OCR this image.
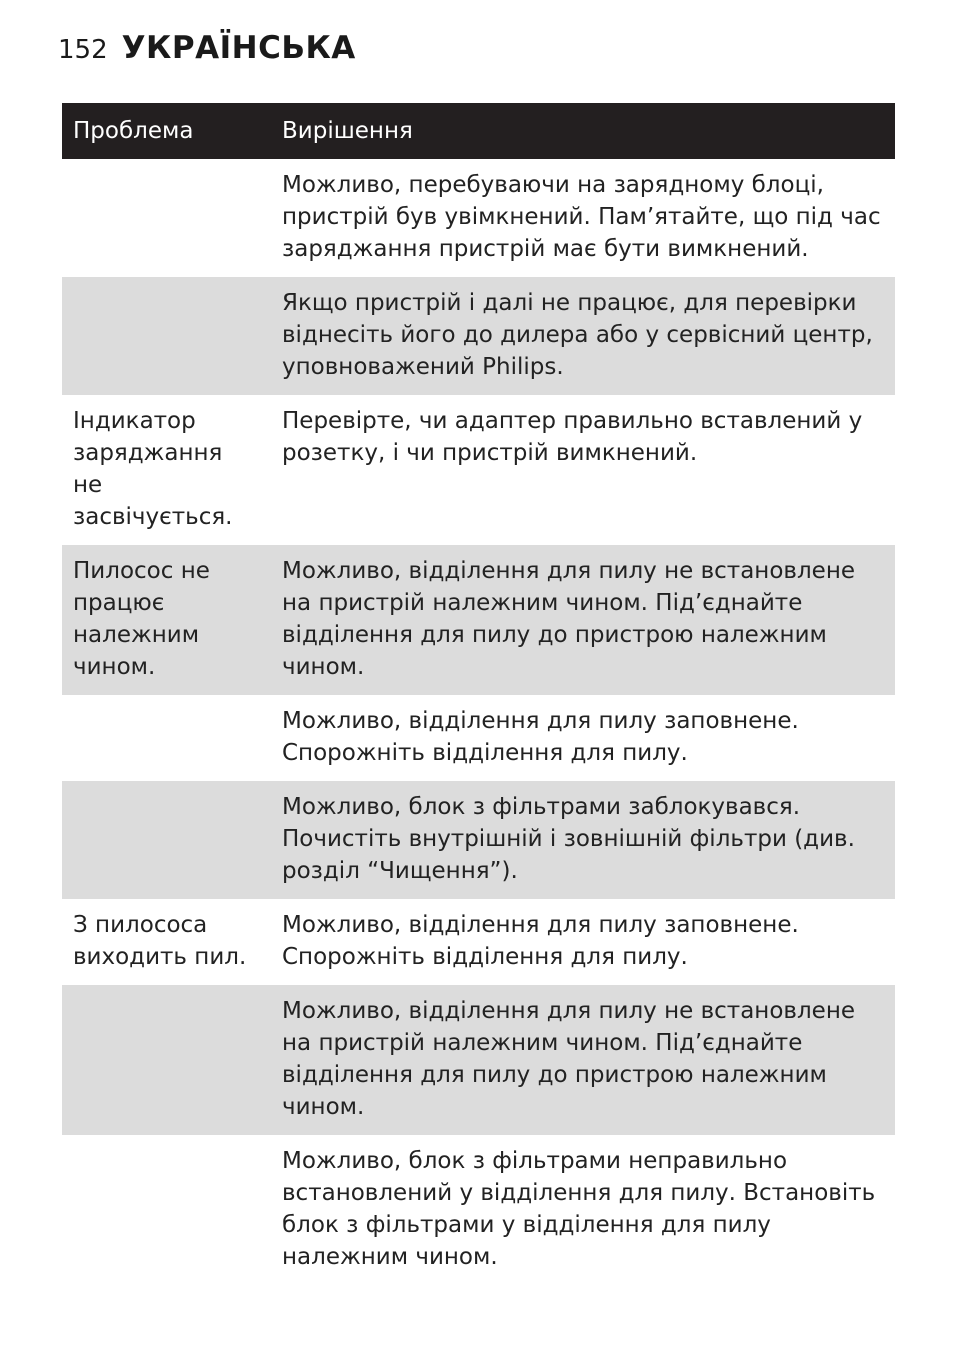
152 УКРАЇНСЬКА
Проблема	Вирішення
	Можливо, перебуваючи на зарядному блоці, пристрій був увімкнений. Пам’ятайте, що під час заряджання пристрій має бути вимкнений.
	Якщо пристрій і далі не працює, для перевірки віднесіть його до дилера або у сервісний центр, уповноважений Philips.
Індикатор заряджання не засвічується.	Перевірте, чи адаптер правильно вставлений у розетку, і чи пристрій вимкнений.
Пилосос не працює належним чином.	Можливо, відділення для пилу не встановлене на пристрій належним чином. Під’єднайте відділення для пилу до пристрою належним чином.
	Можливо, відділення для пилу заповнене. Спорожніть відділення для пилу.
	Можливо, блок з фільтрами заблокувався. Почистіть внутрішній і зовнішній фільтри (див. розділ “Чищення”).
З пилососа виходить пил.	Можливо, відділення для пилу заповнене. Спорожніть відділення для пилу.
	Можливо, відділення для пилу не встановлене на пристрій належним чином. Під’єднайте відділення для пилу до пристрою належним чином.
	Можливо, блок з фільтрами неправильно встановлений у відділення для пилу. Встановіть блок з фільтрами у відділення для пилу належним чином.
